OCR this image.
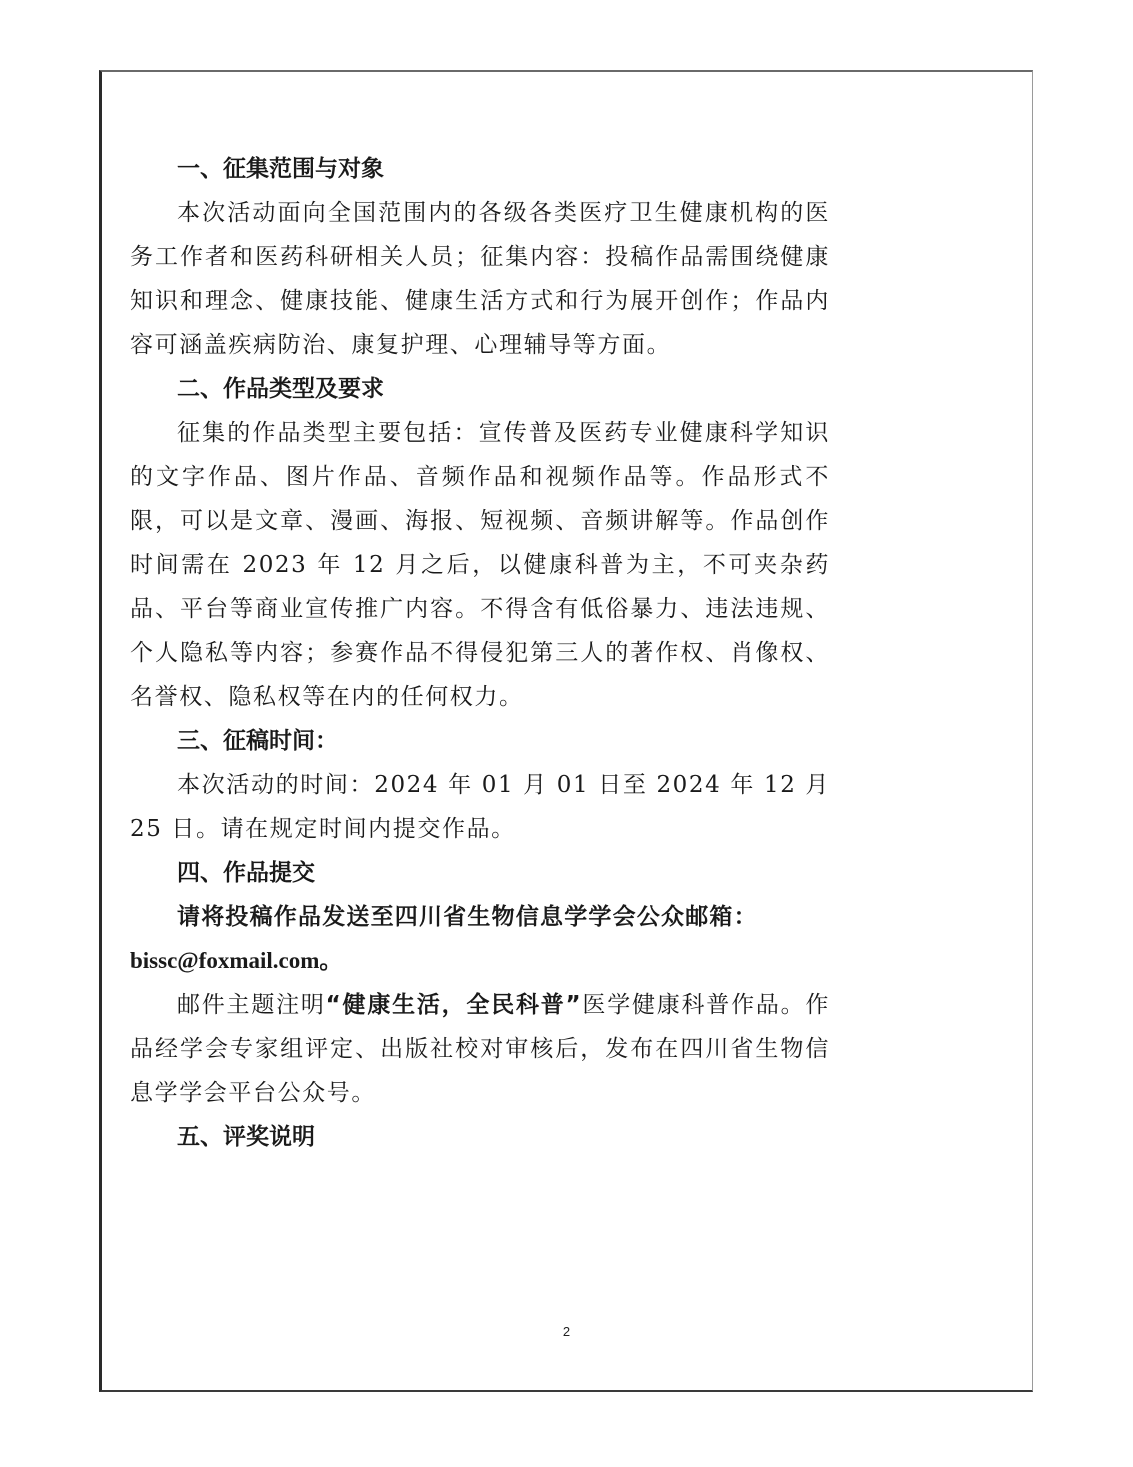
一、征集范围与对象

本次活动面向全国范围内的各级各类医疗卫生健康机构的医务工作者和医药科研相关人员；征集内容：投稿作品需围绕健康知识和理念、健康技能、健康生活方式和行为展开创作；作品内容可涵盖疾病防治、康复护理、心理辅导等方面。

二、作品类型及要求

征集的作品类型主要包括：宣传普及医药专业健康科学知识的文字作品、图片作品、音频作品和视频作品等。作品形式不限，可以是文章、漫画、海报、短视频、音频讲解等。作品创作时间需在 2023 年 12 月之后，以健康科普为主，不可夹杂药品、平台等商业宣传推广内容。不得含有低俗暴力、违法违规、个人隐私等内容；参赛作品不得侵犯第三人的著作权、肖像权、名誉权、隐私权等在内的任何权力。

三、征稿时间：

本次活动的时间：2024 年 01 月 01 日至 2024 年 12 月 25 日。请在规定时间内提交作品。

四、作品提交

请将投稿作品发送至四川省生物信息学学会公众邮箱：

bissc@foxmail.com。

邮件主题注明“健康生活，全民科普”医学健康科普作品。作品经学会专家组评定、出版社校对审核后，发布在四川省生物信息学学会平台公众号。

五、评奖说明
2
